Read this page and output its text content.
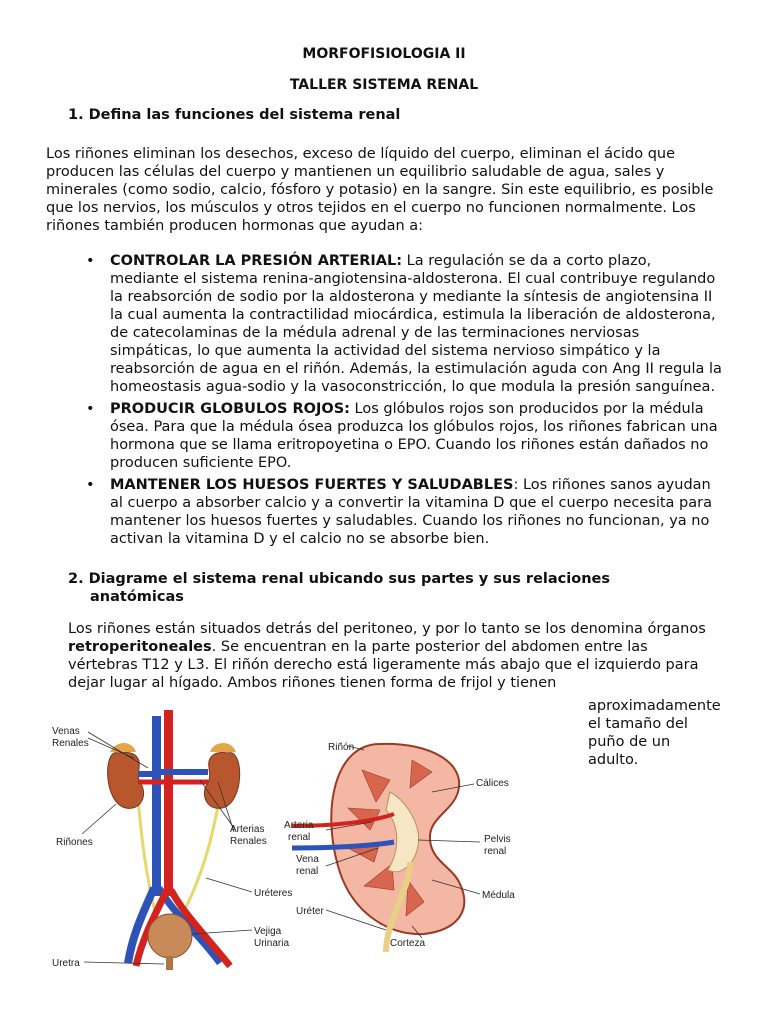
MORFOFISIOLOGIA II
TALLER SISTEMA RENAL
1. Defina las funciones del sistema renal

Los riñones eliminan los desechos, exceso de líquido del cuerpo, eliminan el ácido que producen las células del cuerpo y mantienen un equilibrio saludable de agua, sales y minerales (como sodio, calcio, fósforo y potasio) en la sangre. Sin este equilibrio, es posible que los nervios, los músculos y otros tejidos en el cuerpo no funcionen normalmente. Los riñones también producen hormonas que ayudan a:

• CONTROLAR LA PRESIÓN ARTERIAL: La regulación se da a corto plazo, mediante el sistema renina-angiotensina-aldosterona. El cual contribuye regulando la reabsorción de sodio por la aldosterona y mediante la síntesis de angiotensina II la cual aumenta la contractilidad miocárdica, estimula la liberación de aldosterona, de catecolaminas de la médula adrenal y de las terminaciones nerviosas simpáticas, lo que aumenta la actividad del sistema nervioso simpático y la reabsorción de agua en el riñón. Además, la estimulación aguda con Ang II regula la homeostasis agua-sodio y la vasoconstricción, lo que modula la presión sanguínea.
• PRODUCIR GLOBULOS ROJOS: Los glóbulos rojos son producidos por la médula ósea. Para que la médula ósea produzca los glóbulos rojos, los riñones fabrican una hormona que se llama eritropoyetina o EPO. Cuando los riñones están dañados no producen suficiente EPO.
• MANTENER LOS HUESOS FUERTES Y SALUDABLES: Los riñones sanos ayudan al cuerpo a absorber calcio y a convertir la vitamina D que el cuerpo necesita para mantener los huesos fuertes y saludables. Cuando los riñones no funcionan, ya no activan la vitamina D y el calcio no se absorbe bien.
2. Diagrame el sistema renal ubicando sus partes y sus relaciones
anatómicas

Los riñones están situados detrás del peritoneo, y por lo tanto se los denomina órganos retroperitoneales. Se encuentran en la parte posterior del abdomen entre las vértebras T12 y L3. El riñón derecho está ligeramente más abajo que el izquierdo para dejar lugar al hígado. Ambos riñones tienen forma de frijol y tienen

aproximadamente el tamaño del puño de un adulto.
Venas
Renales
Riñones
Arterias
Renales
Uréteres
Vejiga
Urinaria
Uretra
Riñón
Cálices
Arteria
renal	Pelvis
renal
Vena
renal
Médula
Uréter
Corteza
